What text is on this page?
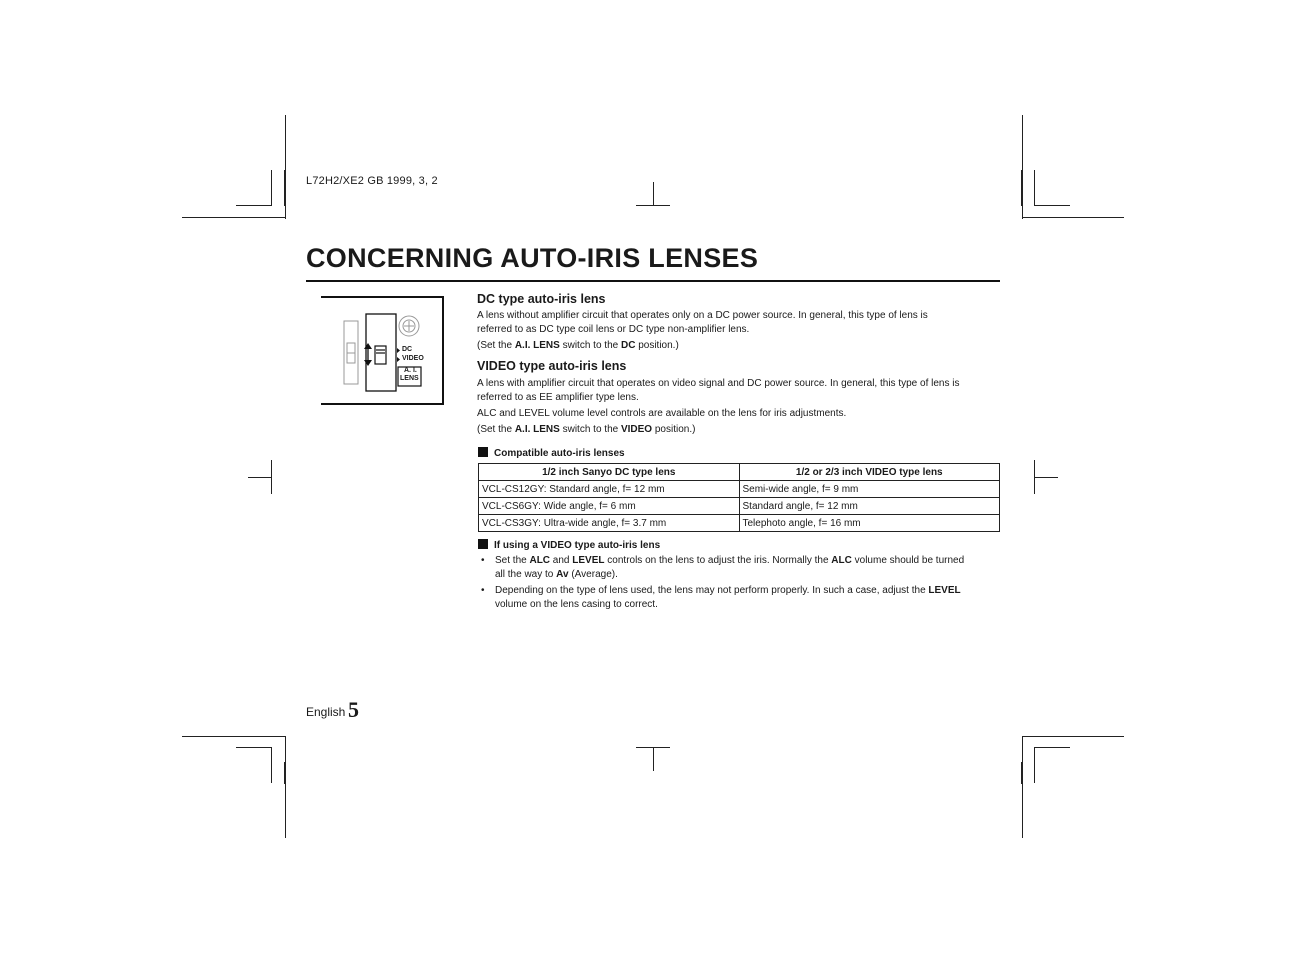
L72H2/XE2 GB 1999, 3, 2
CONCERNING AUTO-IRIS LENSES
DC
VIDEO
A. I.
LENS
DC type auto-iris lens
A lens without amplifier circuit that operates only on a DC power source. In general, this type of lens is
referred to as DC type coil lens or DC type non-amplifier lens.
(Set the A.I. LENS switch to the DC position.)
VIDEO type auto-iris lens
A lens with amplifier circuit that operates on video signal and DC power source. In general, this type of lens is
referred to as EE amplifier type lens.
ALC and LEVEL volume level controls are available on the lens for iris adjustments.
(Set the A.I. LENS switch to the VIDEO position.)
Compatible auto-iris lenses
1/2 inch Sanyo DC type lens	1/2 or 2/3 inch VIDEO type lens
VCL-CS12GY: Standard angle, f= 12 mm	Semi-wide angle, f= 9 mm
VCL-CS6GY: Wide angle, f= 6 mm	Standard angle, f= 12 mm
VCL-CS3GY: Ultra-wide angle, f= 3.7 mm	Telephoto angle, f= 16 mm
If using a VIDEO type auto-iris lens
• Set the ALC and LEVEL controls on the lens to adjust the iris. Normally the ALC volume should be turned
all the way to Av (Average).
• Depending on the type of lens used, the lens may not perform properly. In such a case, adjust the LEVEL
volume on the lens casing to correct.
English 5
